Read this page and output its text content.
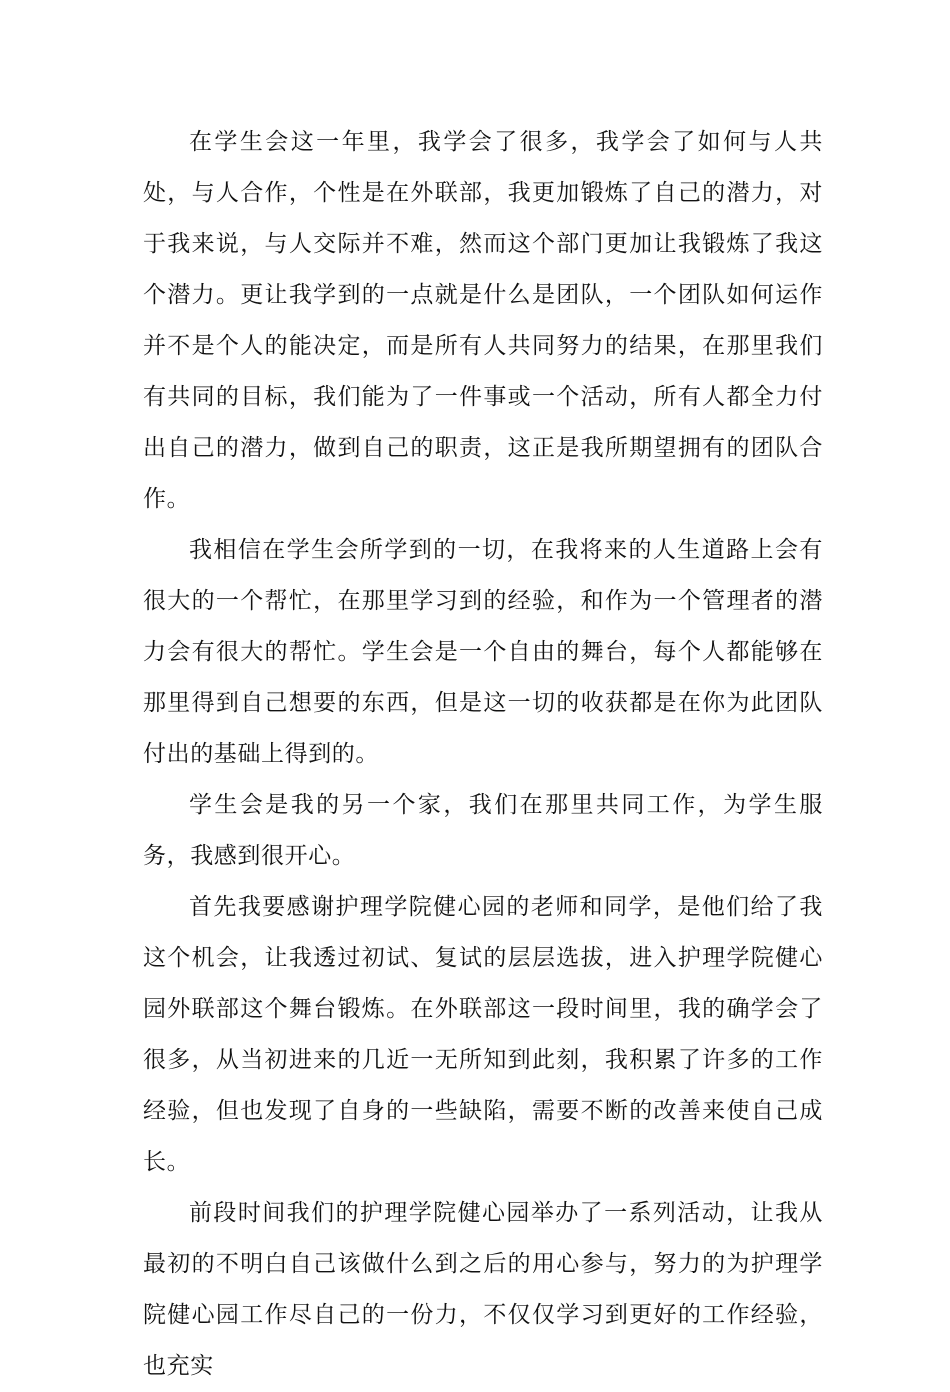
在学生会这一年里，我学会了很多，我学会了如何与人共处，与人合作，个性是在外联部，我更加锻炼了自己的潜力，对于我来说，与人交际并不难，然而这个部门更加让我锻炼了我这个潜力。更让我学到的一点就是什么是团队，一个团队如何运作并不是个人的能决定，而是所有人共同努力的结果，在那里我们有共同的目标，我们能为了一件事或一个活动，所有人都全力付出自己的潜力，做到自己的职责，这正是我所期望拥有的团队合作。

我相信在学生会所学到的一切，在我将来的人生道路上会有很大的一个帮忙，在那里学习到的经验，和作为一个管理者的潜力会有很大的帮忙。学生会是一个自由的舞台，每个人都能够在那里得到自己想要的东西，但是这一切的收获都是在你为此团队付出的基础上得到的。

学生会是我的另一个家，我们在那里共同工作，为学生服务，我感到很开心。

首先我要感谢护理学院健心园的老师和同学，是他们给了我这个机会，让我透过初试、复试的层层选拔，进入护理学院健心园外联部这个舞台锻炼。在外联部这一段时间里，我的确学会了很多，从当初进来的几近一无所知到此刻，我积累了许多的工作经验，但也发现了自身的一些缺陷，需要不断的改善来使自己成长。

前段时间我们的护理学院健心园举办了一系列活动，让我从最初的不明白自己该做什么到之后的用心参与，努力的为护理学院健心园工作尽自己的一份力，不仅仅学习到更好的工作经验，也充实
